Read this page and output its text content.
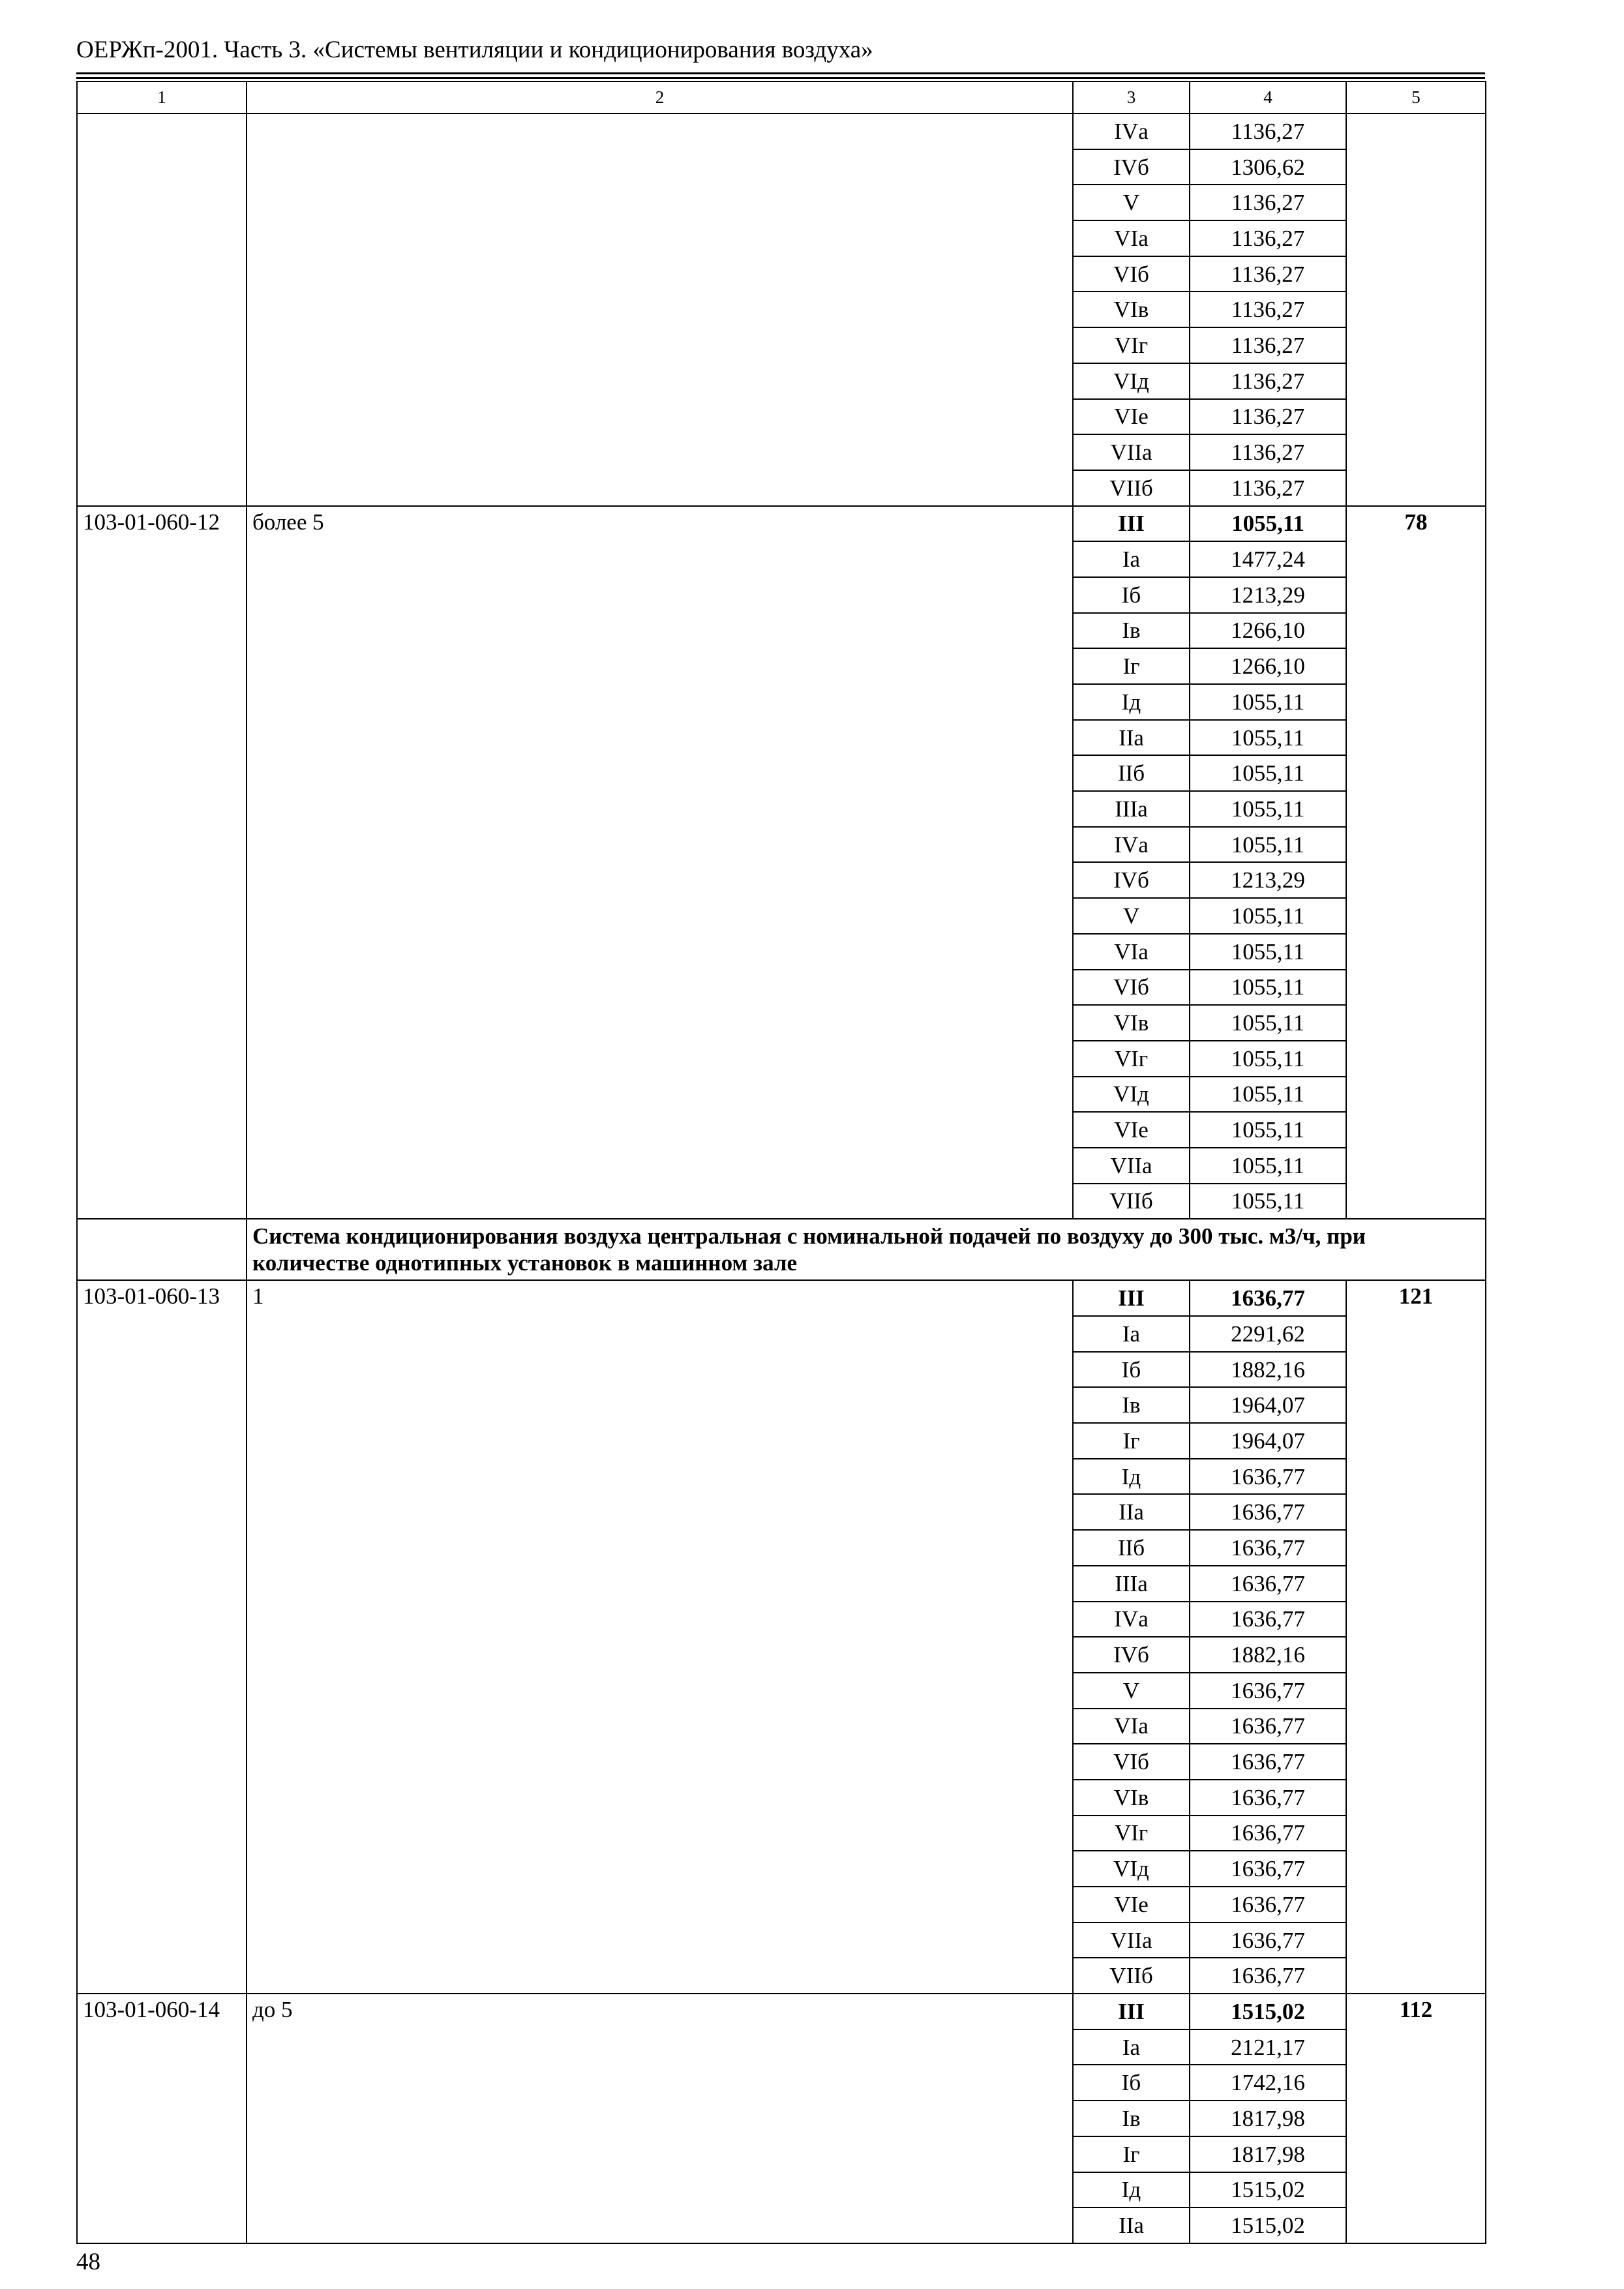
ОЕРЖп-2001. Часть 3. «Системы вентиляции и кондиционирования воздуха»
1	2	3	4	5
		IVа	1136,27	
		IVб	1306,62	
		V	1136,27	
		VIа	1136,27	
		VIб	1136,27	
		VIв	1136,27	
		VIг	1136,27	
		VIд	1136,27	
		VIе	1136,27	
		VIIа	1136,27	
		VIIб	1136,27	
103-01-060-12	более 5	III	1055,11	78
		Iа	1477,24	
		Iб	1213,29	
		Iв	1266,10	
		Iг	1266,10	
		Iд	1055,11	
		IIа	1055,11	
		IIб	1055,11	
		IIIа	1055,11	
		IVа	1055,11	
		IVб	1213,29	
		V	1055,11	
		VIа	1055,11	
		VIб	1055,11	
		VIв	1055,11	
		VIг	1055,11	
		VIд	1055,11	
		VIе	1055,11	
		VIIа	1055,11	
		VIIб	1055,11	
	Система кондиционирования воздуха центральная с номинальной подачей по воздуху до 300 тыс. м3/ч, при количестве однотипных установок в машинном зале			
103-01-060-13	1	III	1636,77	121
		Iа	2291,62	
		Iб	1882,16	
		Iв	1964,07	
		Iг	1964,07	
		Iд	1636,77	
		IIа	1636,77	
		IIб	1636,77	
		IIIа	1636,77	
		IVа	1636,77	
		IVб	1882,16	
		V	1636,77	
		VIа	1636,77	
		VIб	1636,77	
		VIв	1636,77	
		VIг	1636,77	
		VIд	1636,77	
		VIе	1636,77	
		VIIа	1636,77	
		VIIб	1636,77	
103-01-060-14	до 5	III	1515,02	112
		Iа	2121,17	
		Iб	1742,16	
		Iв	1817,98	
		Iг	1817,98	
		Iд	1515,02	
		IIа	1515,02	
48
